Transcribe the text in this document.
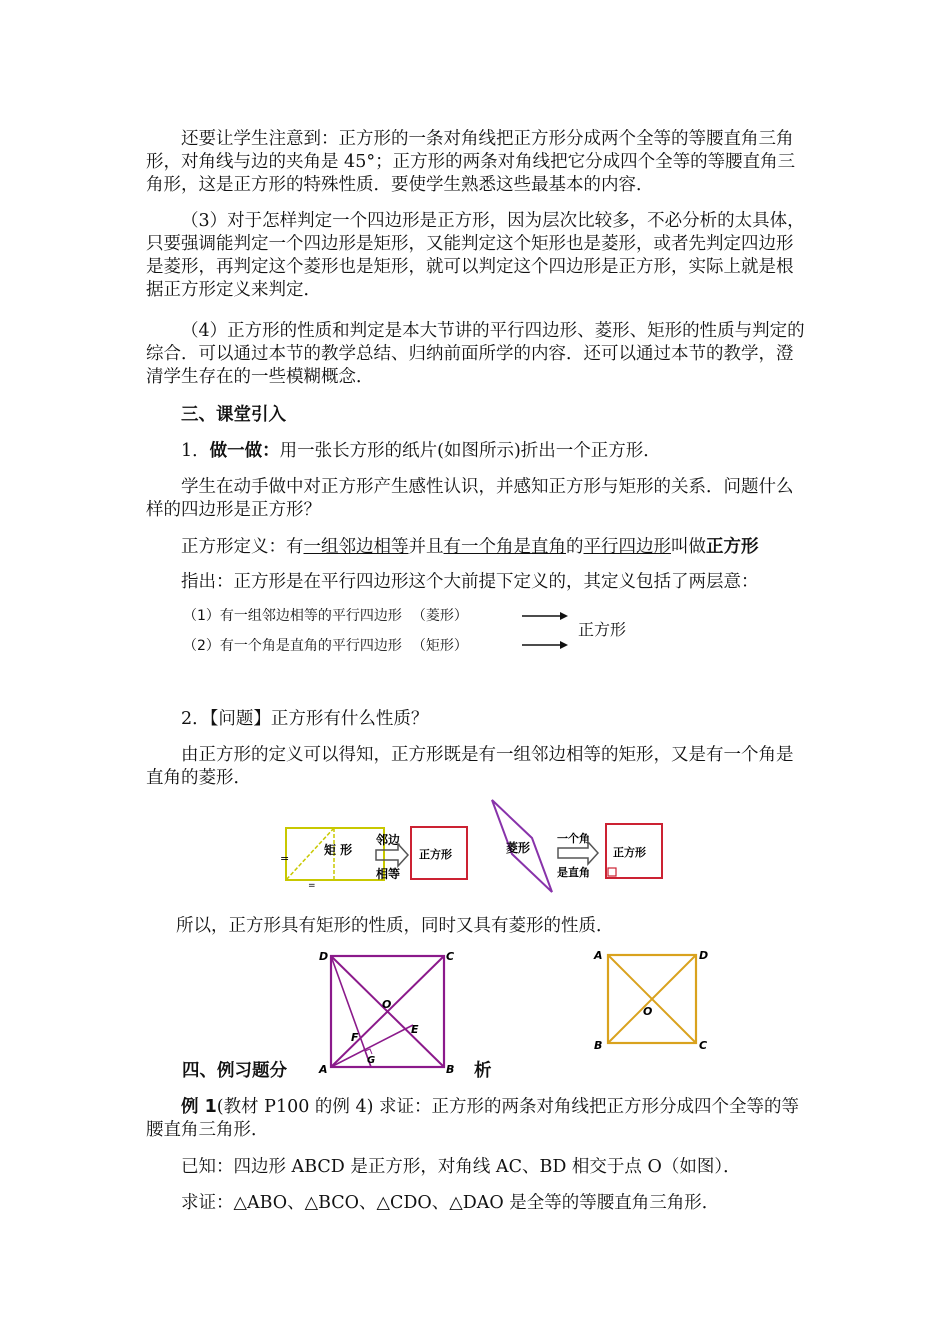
还要让学生注意到：正方形的一条对角线把正方形分成两个全等的等腰直角三角形，对角线与边的夹角是 45°；正方形的两条对角线把它分成四个全等的等腰直角三角形，这是正方形的特殊性质．要使学生熟悉这些最基本的内容．

（3）对于怎样判定一个四边形是正方形，因为层次比较多，不必分析的太具体，只要强调能判定一个四边形是矩形，又能判定这个矩形也是菱形，或者先判定四边形是菱形，再判定这个菱形也是矩形，就可以判定这个四边形是正方形，实际上就是根据正方形定义来判定．

（4）正方形的性质和判定是本大节讲的平行四边形、菱形、矩形的性质与判定的综合．可以通过本节的教学总结、归纳前面所学的内容．还可以通过本节的教学，澄清学生存在的一些模糊概念．

三、课堂引入

1．做一做：用一张长方形的纸片(如图所示)折出一个正方形．

学生在动手做中对正方形产生感性认识，并感知正方形与矩形的关系．问题什么样的四边形是正方形？

正方形定义：有一组邻边相等并且有一个角是直角的平行四边形叫做正方形

指出：正方形是在平行四边形这个大前提下定义的，其定义包括了两层意：

（1）有一组邻边相等的平行四边形 （菱形）
（2）有一个角是直角的平行四边形 （矩形）
正方形

2．【问题】正方形有什么性质？

由正方形的定义可以得知，正方形既是有一组邻边相等的矩形，又是有一个角是直角的菱形．

=
=
矩 形
邻边
相等
正方形	菱形
一个角
是直角
正方形

所以，正方形具有矩形的性质，同时又具有菱形的性质．

D	C
O
F
E
G
A	B
A	D
O
B	C
四、例习题分	析

例 1(教材 P100 的例 4) 求证：正方形的两条对角线把正方形分成四个全等的等腰直角三角形．

已知：四边形 ABCD 是正方形，对角线 AC、BD 相交于点 O（如图）．

求证：△ABO、△BCO、△CDO、△DAO 是全等的等腰直角三角形．
